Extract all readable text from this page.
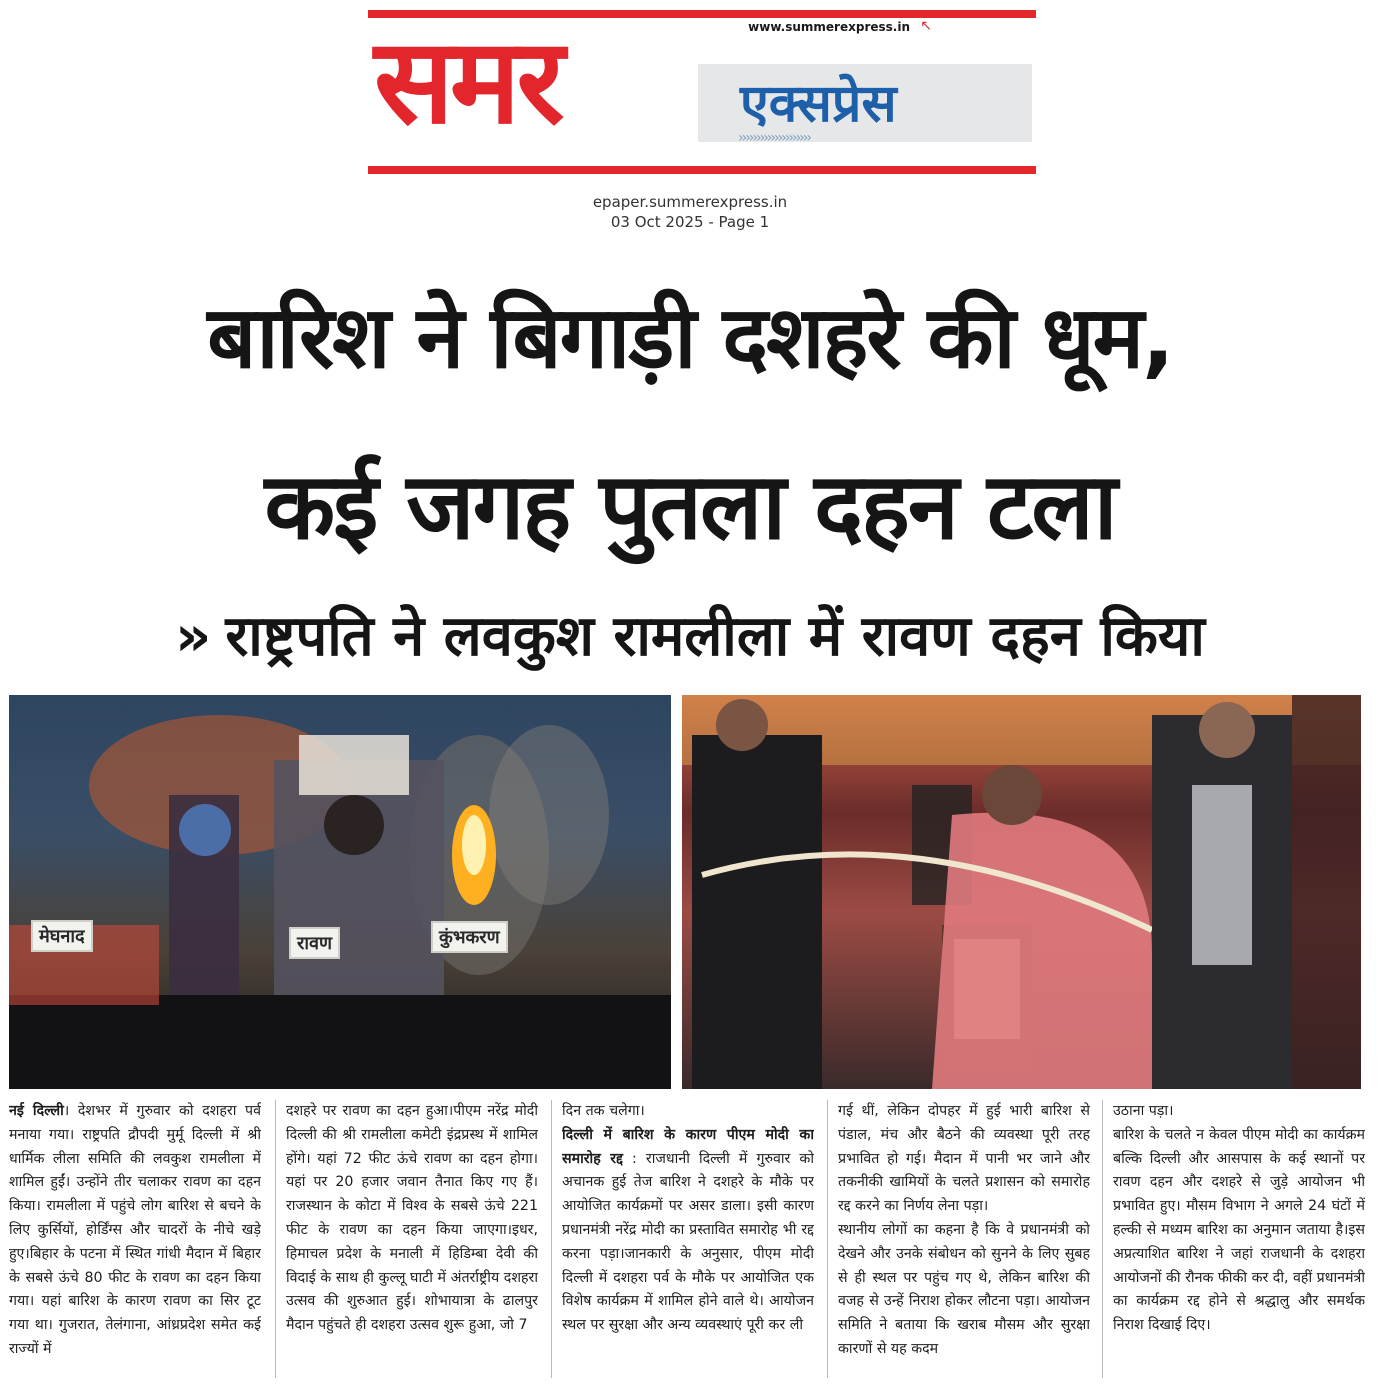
www.summerexpress.in ↖
समर	एक्सप्रेस
››››››››››››››››››››
epaper.summerexpress.in
03 Oct 2025 - Page 1
बारिश ने बिगाड़ी दशहरे की धूम,
कई जगह पुतला दहन टला
» राष्ट्रपति ने लवकुश रामलीला में रावण दहन किया
मेघनाद	रावण	कुंभकरण
नई दिल्ली। देशभर में गुरुवार को दशहरा पर्व मनाया गया। राष्ट्रपति द्रौपदी मुर्मू दिल्ली में श्री धार्मिक लीला समिति की लवकुश रामलीला में शामिल हुईं। उन्होंने तीर चलाकर रावण का दहन किया। रामलीला में पहुंचे लोग बारिश से बचने के लिए कुर्सियों, होर्डिंग्स और चादरों के नीचे खड़े हुए।बिहार के पटना में स्थित गांधी मैदान में बिहार के सबसे ऊंचे 80 फीट के रावण का दहन किया गया। यहां बारिश के कारण रावण का सिर टूट गया था। गुजरात, तेलंगाना, आंध्रप्रदेश समेत कई राज्यों में
दशहरे पर रावण का दहन हुआ।पीएम नरेंद्र मोदी दिल्ली की श्री रामलीला कमेटी इंद्रप्रस्थ में शामिल होंगे। यहां 72 फीट ऊंचे रावण का दहन होगा। यहां पर 20 हजार जवान तैनात किए गए हैं। राजस्थान के कोटा में विश्व के सबसे ऊंचे 221 फीट के रावण का दहन किया जाएगा।इधर, हिमाचल प्रदेश के मनाली में हिडिम्बा देवी की विदाई के साथ ही कुल्लू घाटी में अंतर्राष्ट्रीय दशहरा उत्सव की शुरुआत हुई। शोभायात्रा के ढालपुर मैदान पहुंचते ही दशहरा उत्सव शुरू हुआ, जो 7
दिन तक चलेगा।
दिल्ली में बारिश के कारण पीएम मोदी का समारोह रद्द : राजधानी दिल्ली में गुरुवार को अचानक हुई तेज बारिश ने दशहरे के मौके पर आयोजित कार्यक्रमों पर असर डाला। इसी कारण प्रधानमंत्री नरेंद्र मोदी का प्रस्तावित समारोह भी रद्द करना पड़ा।जानकारी के अनुसार, पीएम मोदी दिल्ली में दशहरा पर्व के मौके पर आयोजित एक विशेष कार्यक्रम में शामिल होने वाले थे। आयोजन स्थल पर सुरक्षा और अन्य व्यवस्थाएं पूरी कर ली
गई थीं, लेकिन दोपहर में हुई भारी बारिश से पंडाल, मंच और बैठने की व्यवस्था पूरी तरह प्रभावित हो गई। मैदान में पानी भर जाने और तकनीकी खामियों के चलते प्रशासन को समारोह रद्द करने का निर्णय लेना पड़ा।
स्थानीय लोगों का कहना है कि वे प्रधानमंत्री को देखने और उनके संबोधन को सुनने के लिए सुबह से ही स्थल पर पहुंच गए थे, लेकिन बारिश की वजह से उन्हें निराश होकर लौटना पड़ा। आयोजन समिति ने बताया कि खराब मौसम और सुरक्षा कारणों से यह कदम
उठाना पड़ा।
बारिश के चलते न केवल पीएम मोदी का कार्यक्रम बल्कि दिल्ली और आसपास के कई स्थानों पर रावण दहन और दशहरे से जुड़े आयोजन भी प्रभावित हुए। मौसम विभाग ने अगले 24 घंटों में हल्की से मध्यम बारिश का अनुमान जताया है।इस अप्रत्याशित बारिश ने जहां राजधानी के दशहरा आयोजनों की रौनक फीकी कर दी, वहीं प्रधानमंत्री का कार्यक्रम रद्द होने से श्रद्धालु और समर्थक निराश दिखाई दिए।
